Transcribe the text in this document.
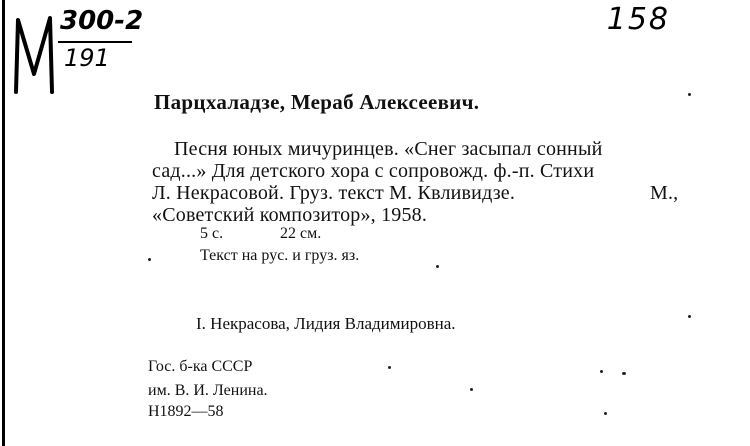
300-2
191
158
Парцхаладзе, Мераб Алексеевич.
Песня юных мичуринцев. «Снег засыпал сонный
сад...» Для детского хора с сопровожд. ф.-п. Стихи
Л. Некрасовой. Груз. текст М. Квливидзе.	М.,
«Советский композитор», 1958.
5 с.	22 см.
Текст на рус. и груз. яз.
I. Некрасова, Лидия Владимировна.
Гос. б-ка СССР
им. В. И. Ленина.
Н1892—58
